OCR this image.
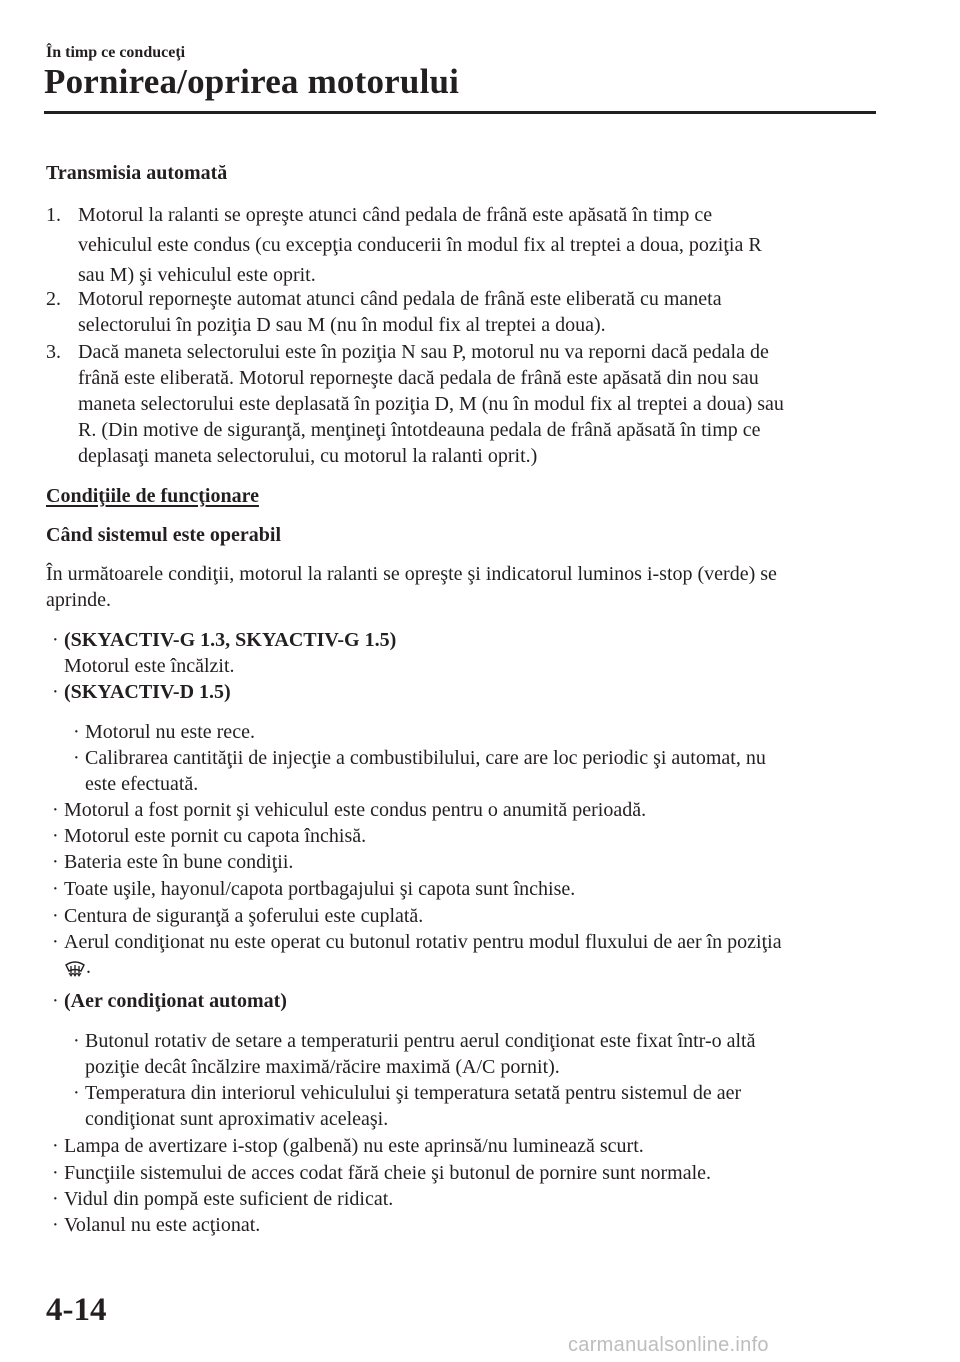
În timp ce conduceţi
Pornirea/oprirea motorului
Transmisia automată
1. Motorul la ralanti se opreşte atunci când pedala de frână este apăsată în timp ce
vehiculul este condus (cu excepţia conducerii în modul fix al treptei a doua, poziţia R
sau M) şi vehiculul este oprit.
2. Motorul reporneşte automat atunci când pedala de frână este eliberată cu maneta
selectorului în poziţia D sau M (nu în modul fix al treptei a doua).
3. Dacă maneta selectorului este în poziţia N sau P, motorul nu va reporni dacă pedala de
frână este eliberată. Motorul reporneşte dacă pedala de frână este apăsată din nou sau
maneta selectorului este deplasată în poziţia D, M (nu în modul fix al treptei a doua) sau
R. (Din motive de siguranţă, menţineţi întotdeauna pedala de frână apăsată în timp ce
deplasaţi maneta selectorului, cu motorul la ralanti oprit.)
Condiţiile de funcţionare
Când sistemul este operabil
În următoarele condiţii, motorul la ralanti se opreşte şi indicatorul luminos i-stop (verde) se
aprinde.
· (SKYACTIV-G 1.3, SKYACTIV-G 1.5)
Motorul este încălzit.
· (SKYACTIV-D 1.5)
· Motorul nu este rece.
· Calibrarea cantităţii de injecţie a combustibilului, care are loc periodic şi automat, nu
este efectuată.
· Motorul a fost pornit şi vehiculul este condus pentru o anumită perioadă.
· Motorul este pornit cu capota închisă.
· Bateria este în bune condiţii.
· Toate uşile, hayonul/capota portbagajului şi capota sunt închise.
· Centura de siguranţă a şoferului este cuplată.
· Aerul condiţionat nu este operat cu butonul rotativ pentru modul fluxului de aer în poziţia
.
· (Aer condiţionat automat)
· Butonul rotativ de setare a temperaturii pentru aerul condiţionat este fixat într-o altă
poziţie decât încălzire maximă/răcire maximă (A/C pornit).
· Temperatura din interiorul vehiculului şi temperatura setată pentru sistemul de aer
condiţionat sunt aproximativ aceleaşi.
· Lampa de avertizare i-stop (galbenă) nu este aprinsă/nu luminează scurt.
· Funcţiile sistemului de acces codat fără cheie şi butonul de pornire sunt normale.
· Vidul din pompă este suficient de ridicat.
· Volanul nu este acţionat.
4-14
carmanualsonline.info
